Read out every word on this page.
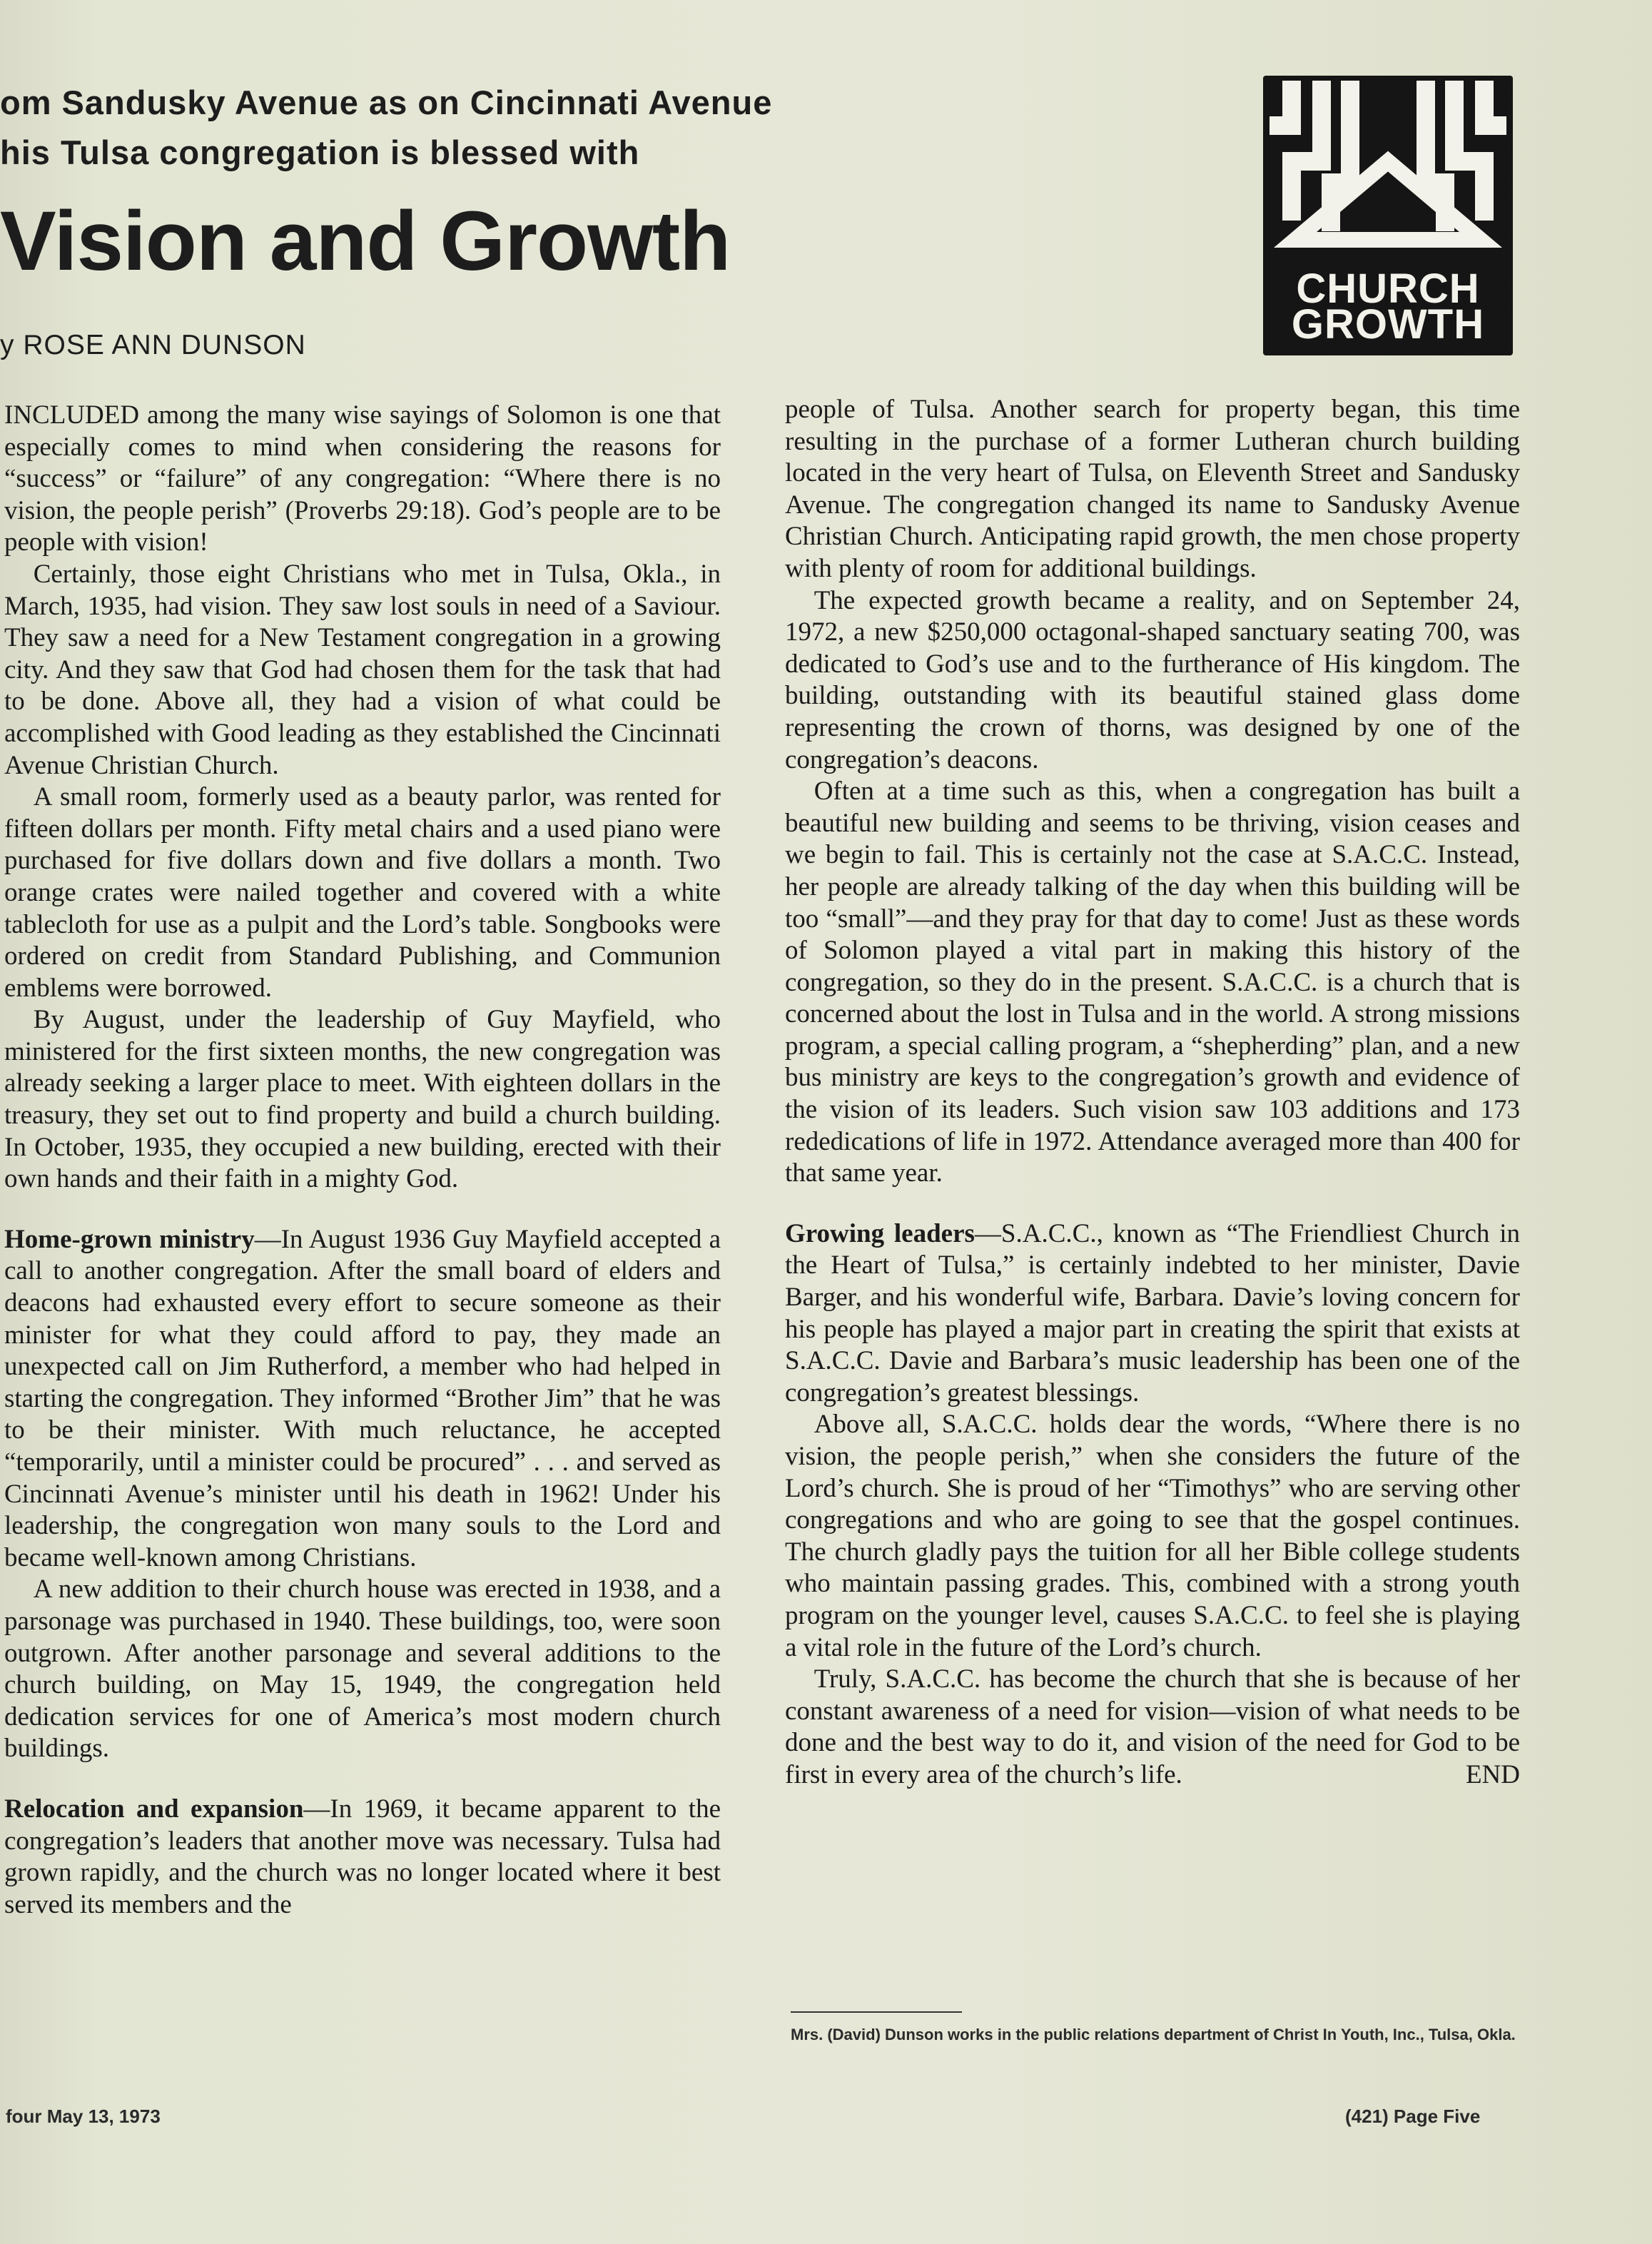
om Sandusky Avenue as on Cincinnati Avenue
his Tulsa congregation is blessed with
Vision and Growth
y ROSE ANN DUNSON
CHURCH
GROWTH

INCLUDED among the many wise sayings of Solomon is one that especially comes to mind when considering the reasons for “success” or “failure” of any congregation: “Where there is no vision, the people perish” (Proverbs 29:18). God’s people are to be people with vision!

Certainly, those eight Christians who met in Tulsa, Okla., in March, 1935, had vision. They saw lost souls in need of a Saviour. They saw a need for a New Testament congregation in a growing city. And they saw that God had chosen them for the task that had to be done. Above all, they had a vision of what could be accomplished with Good leading as they established the Cincinnati Avenue Christian Church.

A small room, formerly used as a beauty parlor, was rented for fifteen dollars per month. Fifty metal chairs and a used piano were purchased for five dollars down and five dollars a month. Two orange crates were nailed together and covered with a white tablecloth for use as a pulpit and the Lord’s table. Songbooks were ordered on credit from Standard Publishing, and Communion emblems were borrowed.

By August, under the leadership of Guy Mayfield, who ministered for the first sixteen months, the new congregation was already seeking a larger place to meet. With eighteen dollars in the treasury, they set out to find property and build a church building. In October, 1935, they occupied a new building, erected with their own hands and their faith in a mighty God.

Home-grown ministry—In August 1936 Guy Mayfield accepted a call to another congregation. After the small board of elders and deacons had exhausted every effort to secure someone as their minister for what they could afford to pay, they made an unexpected call on Jim Rutherford, a member who had helped in starting the congregation. They informed “Brother Jim” that he was to be their minister. With much reluctance, he accepted “temporarily, until a minister could be procured” . . . and served as Cincinnati Avenue’s minister until his death in 1962! Under his leadership, the congregation won many souls to the Lord and became well-known among Christians.

A new addition to their church house was erected in 1938, and a parsonage was purchased in 1940. These buildings, too, were soon outgrown. After another parsonage and several additions to the church building, on May 15, 1949, the congregation held dedication services for one of America’s most modern church buildings.

Relocation and expansion—In 1969, it became apparent to the congregation’s leaders that another move was necessary. Tulsa had grown rapidly, and the church was no longer located where it best served its members and the

people of Tulsa. Another search for property began, this time resulting in the purchase of a former Lutheran church building located in the very heart of Tulsa, on Eleventh Street and Sandusky Avenue. The congregation changed its name to Sandusky Avenue Christian Church. Anticipating rapid growth, the men chose property with plenty of room for additional buildings.

The expected growth became a reality, and on September 24, 1972, a new $250,000 octagonal-shaped sanctuary seating 700, was dedicated to God’s use and to the furtherance of His kingdom. The building, outstanding with its beautiful stained glass dome representing the crown of thorns, was designed by one of the congregation’s deacons.

Often at a time such as this, when a congregation has built a beautiful new building and seems to be thriving, vision ceases and we begin to fail. This is certainly not the case at S.A.C.C. Instead, her people are already talking of the day when this building will be too “small”—and they pray for that day to come! Just as these words of Solomon played a vital part in making this history of the congregation, so they do in the present. S.A.C.C. is a church that is concerned about the lost in Tulsa and in the world. A strong missions program, a special calling program, a “shepherding” plan, and a new bus ministry are keys to the congregation’s growth and evidence of the vision of its leaders. Such vision saw 103 additions and 173 rededications of life in 1972. Attendance averaged more than 400 for that same year.

Growing leaders—S.A.C.C., known as “The Friendliest Church in the Heart of Tulsa,” is certainly indebted to her minister, Davie Barger, and his wonderful wife, Barbara. Davie’s loving concern for his people has played a major part in creating the spirit that exists at S.A.C.C. Davie and Barbara’s music leadership has been one of the congregation’s greatest blessings.

Above all, S.A.C.C. holds dear the words, “Where there is no vision, the people perish,” when she considers the future of the Lord’s church. She is proud of her “Timothys” who are serving other congregations and who are going to see that the gospel continues. The church gladly pays the tuition for all her Bible college students who maintain passing grades. This, combined with a strong youth program on the younger level, causes S.A.C.C. to feel she is playing a vital role in the future of the Lord’s church.

Truly, S.A.C.C. has become the church that she is because of her constant awareness of a need for vision—vision of what needs to be done and the best way to do it, and vision of the need for God to be first in every area of the church’s life.	END

Mrs. (David) Dunson works in the public relations department of Christ In Youth, Inc., Tulsa, Okla.
four May 13, 1973	(421) Page Five
